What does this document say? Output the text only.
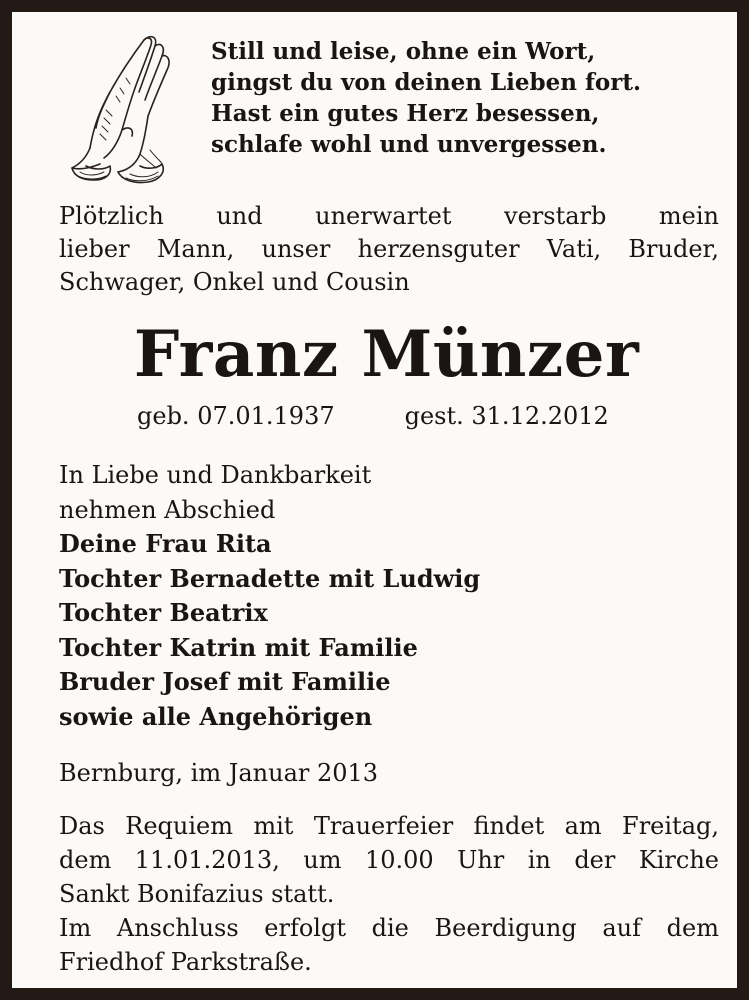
Still und leise, ohne ein Wort,
gingst du von deinen Lieben fort.
Hast ein gutes Herz besessen,
schlafe wohl und unvergessen.
Plötzlich und unerwartet verstarb mein
lieber Mann, unser herzensguter Vati, Bruder,
Schwager, Onkel und Cousin
Franz Münzer
geb. 07.01.1937	gest. 31.12.2012
In Liebe und Dankbarkeit
nehmen Abschied
Deine Frau Rita
Tochter Bernadette mit Ludwig
Tochter Beatrix
Tochter Katrin mit Familie
Bruder Josef mit Familie
sowie alle Angehörigen
Bernburg, im Januar 2013
Das Requiem mit Trauerfeier findet am Freitag,
dem 11.01.2013, um 10.00 Uhr in der Kirche
Sankt Bonifazius statt.
Im Anschluss erfolgt die Beerdigung auf dem
Friedhof Parkstraße.
